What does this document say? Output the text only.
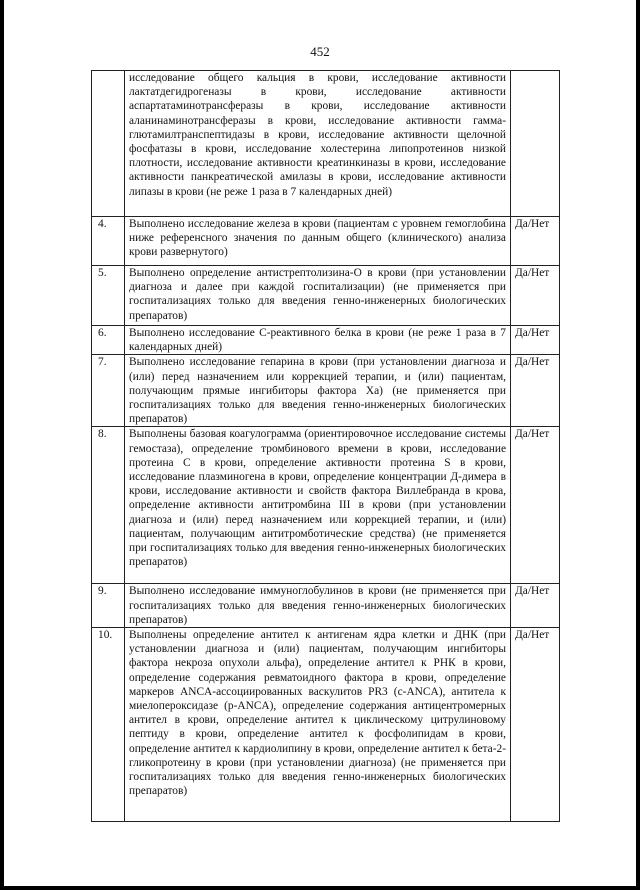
452
	исследование общего кальция в крови, исследование активности лактатдегидрогеназы в крови, исследование активности аспартатаминотрансферазы в крови, исследование активности аланинаминотрансферазы в крови, исследование активности гамма-глютамилтранспептидазы в крови, исследование активности щелочной фосфатазы в крови, исследование холестерина липопротеинов низкой плотности, исследование активности креатинкиназы в крови, исследование активности панкреатической амилазы в крови, исследование активности липазы в крови (не реже 1 раза в 7 календарных дней)	
4.	Выполнено исследование железа в крови (пациентам с уровнем гемоглобина ниже референсного значения по данным общего (клинического) анализа крови развернутого)	Да/Нет
5.	Выполнено определение антистрептолизина-О в крови (при установлении диагноза и далее при каждой госпитализации) (не применяется при госпитализациях только для введения генно-инженерных биологических препаратов)	Да/Нет
6.	Выполнено исследование С-реактивного белка в крови (не реже 1 раза в 7 календарных дней)	Да/Нет
7.	Выполнено исследование гепарина в крови (при установлении диагноза и (или) перед назначением или коррекцией терапии, и (или) пациентам, получающим прямые ингибиторы фактора Ха) (не применяется при госпитализациях только для введения генно-инженерных биологических препаратов)	Да/Нет
8.	Выполнены базовая коагулограмма (ориентировочное исследование системы гемостаза), определение тромбинового времени в крови, исследование протеина С в крови, определение активности протеина S в крови, исследование плазминогена в крови, определение концентрации Д-димера в крови, исследование активности и свойств фактора Виллебранда в крова, определение активности антитромбина III в крови (при установлении диагноза и (или) перед назначением или коррекцией терапии, и (или) пациентам, получающим антитромботические средства) (не применяется при госпитализациях только для введения генно-инженерных биологических препаратов)	Да/Нет
9.	Выполнено исследование иммуноглобулинов в крови (не применяется при госпитализациях только для введения генно-инженерных биологических препаратов)	Да/Нет
10.	Выполнены определение антител к антигенам ядра клетки и ДНК (при установлении диагноза и (или) пациентам, получающим ингибиторы фактора некроза опухоли альфа), определение антител к РНК в крови, определение содержания ревматоидного фактора в крови, определение маркеров ANCA-ассоциированных васкулитов PR3 (c-ANCA), антитела к миелопероксидазе (p-ANCA), определение содержания антицентромерных антител в крови, определение антител к циклическому цитрулиновому пептиду в крови, определение антител к фосфолипидам в крови, определение антител к кардиолипину в крови, определение антител к бета-2-гликопротеину в крови (при установлении диагноза) (не применяется при госпитализациях только для введения генно-инженерных биологических препаратов)	Да/Нет
